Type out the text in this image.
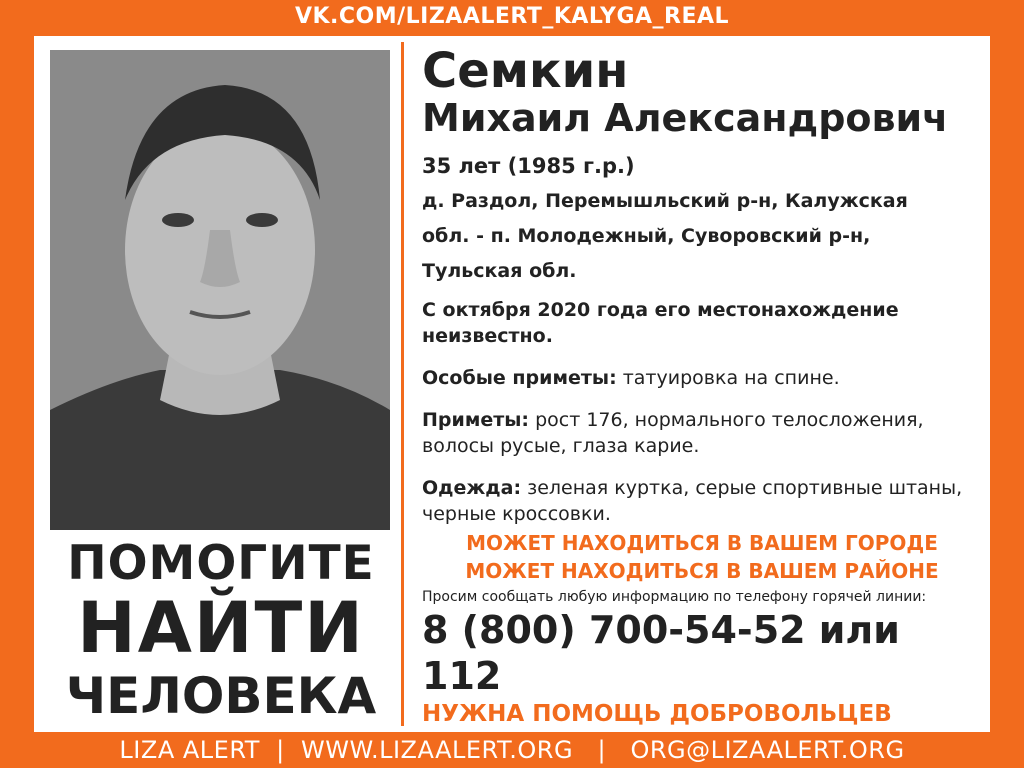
VK.COM/LIZAALERT_KALYGA_REAL
ПОМОГИТЕ
НАЙТИ
ЧЕЛОВЕКА
Семкин
Михаил Александрович
35 лет (1985 г.р.)
д. Раздол, Перемышльский р-н, Калужская
обл. - п. Молодежный, Суворовский р-н,
Тульская обл.
С октября 2020 года его местонахождение неизвестно.
Особые приметы: татуировка на спине.
Приметы: рост 176, нормального телосложения, волосы русые, глаза карие.
Одежда: зеленая куртка, серые спортивные штаны, черные кроссовки.
МОЖЕТ НАХОДИТЬСЯ В ВАШЕМ ГОРОДЕ
МОЖЕТ НАХОДИТЬСЯ В ВАШЕМ РАЙОНЕ
Просим сообщать любую информацию по телефону горячей линии:
8 (800) 700-54-52 или 112
НУЖНА ПОМОЩЬ ДОБРОВОЛЬЦЕВ
LIZA ALERT | WWW.LIZAALERT.ORG | ORG@LIZAALERT.ORG
